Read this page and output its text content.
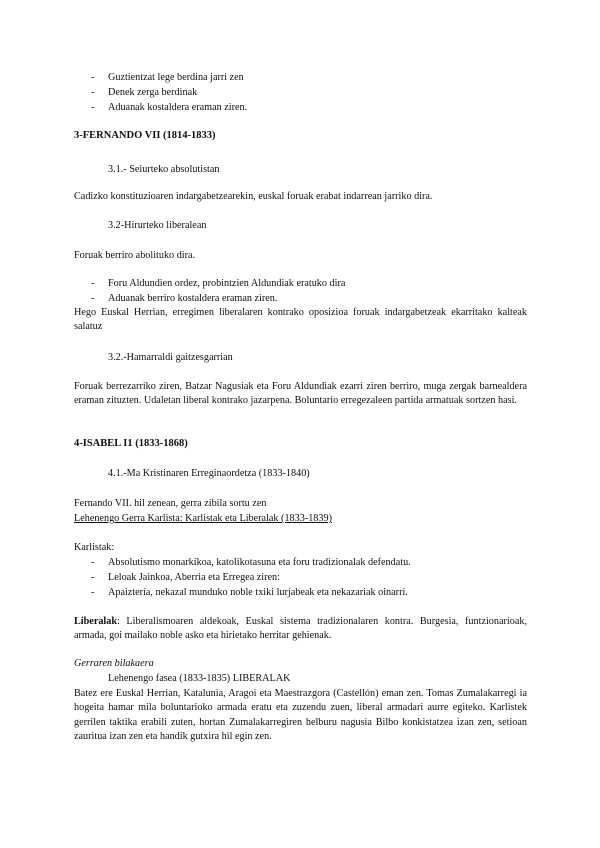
- Guztientzat lege berdina jarri zen
- Denek zerga berdinak
- Aduanak kostaldera eraman ziren.
3-FERNANDO VII (1814-1833)
3.1.- Seiurteko absolutistan
Cadizko konstituzioaren indargabetzearekin, euskal foruak erabat indarrean jarriko dira.
3.2-Hirurteko liberalean
Foruak berriro abolituko dira.
- Foru Aldundien ordez, probintzien Aldundiak eratuko dira
- Aduanak berriro kostaldera eraman ziren.
Hego Euskal Herrian, erregimen liberalaren kontrako oposizioa foruak indargabetzeak ekarritako kalteak salatuz
3.2.-Hamarraldi gaitzesgarrian
Foruak berrezarriko ziren, Batzar Nagusiak eta Foru Aldundiak ezarri ziren berriro, muga zergak barnealdera eraman zituzten. Udaletan liberal kontrako jazarpena. Boluntario erregezaleen partida armatuak sortzen hasi.
4-ISABEL I1 (1833-1868)
4.1.-Ma Kristinaren Erreginaordetza (1833-1840)
Fernando VII. hil zenean, gerra zibila sortu zen
Lehenengo Gerra Karlista: Karlistak eta Liberalak (1833-1839)
Karlistak:
- Absolutismo monarkikoa, katolikotasuna eta foru tradizionalak defendatu.
- Leloak Jainkoa, Aberria eta Erregea ziren:
- Apaiztería, nekazal munduko noble txiki lurjabeak eta nekazariak oinarri.
Liberalak: Liberalismoaren aldekoak, Euskal sistema tradizionalaren kontra. Burgesia, funtzionarioak, armada, goi mailako noble asko eta hirietako herritar gehienak.
Gerraren bilakaera
Lehenengo fasea (1833-1835) LIBERALAK
Batez ere Euskal Herrian, Katalunia, Aragoi eta Maestrazgora (Castellón) eman zen. Tomas Zumalakarregi ia hogeita hamar mila boluntarioko armada eratu eta zuzendu zuen, liberal armadari aurre egiteko. Karlistek gerrilen taktika erabili zuten, hortan Zumalakarregiren helburu nagusia Bilbo konkistatzea izan zen, setioan zauritua izan zen eta handik gutxira hil egin zen.
